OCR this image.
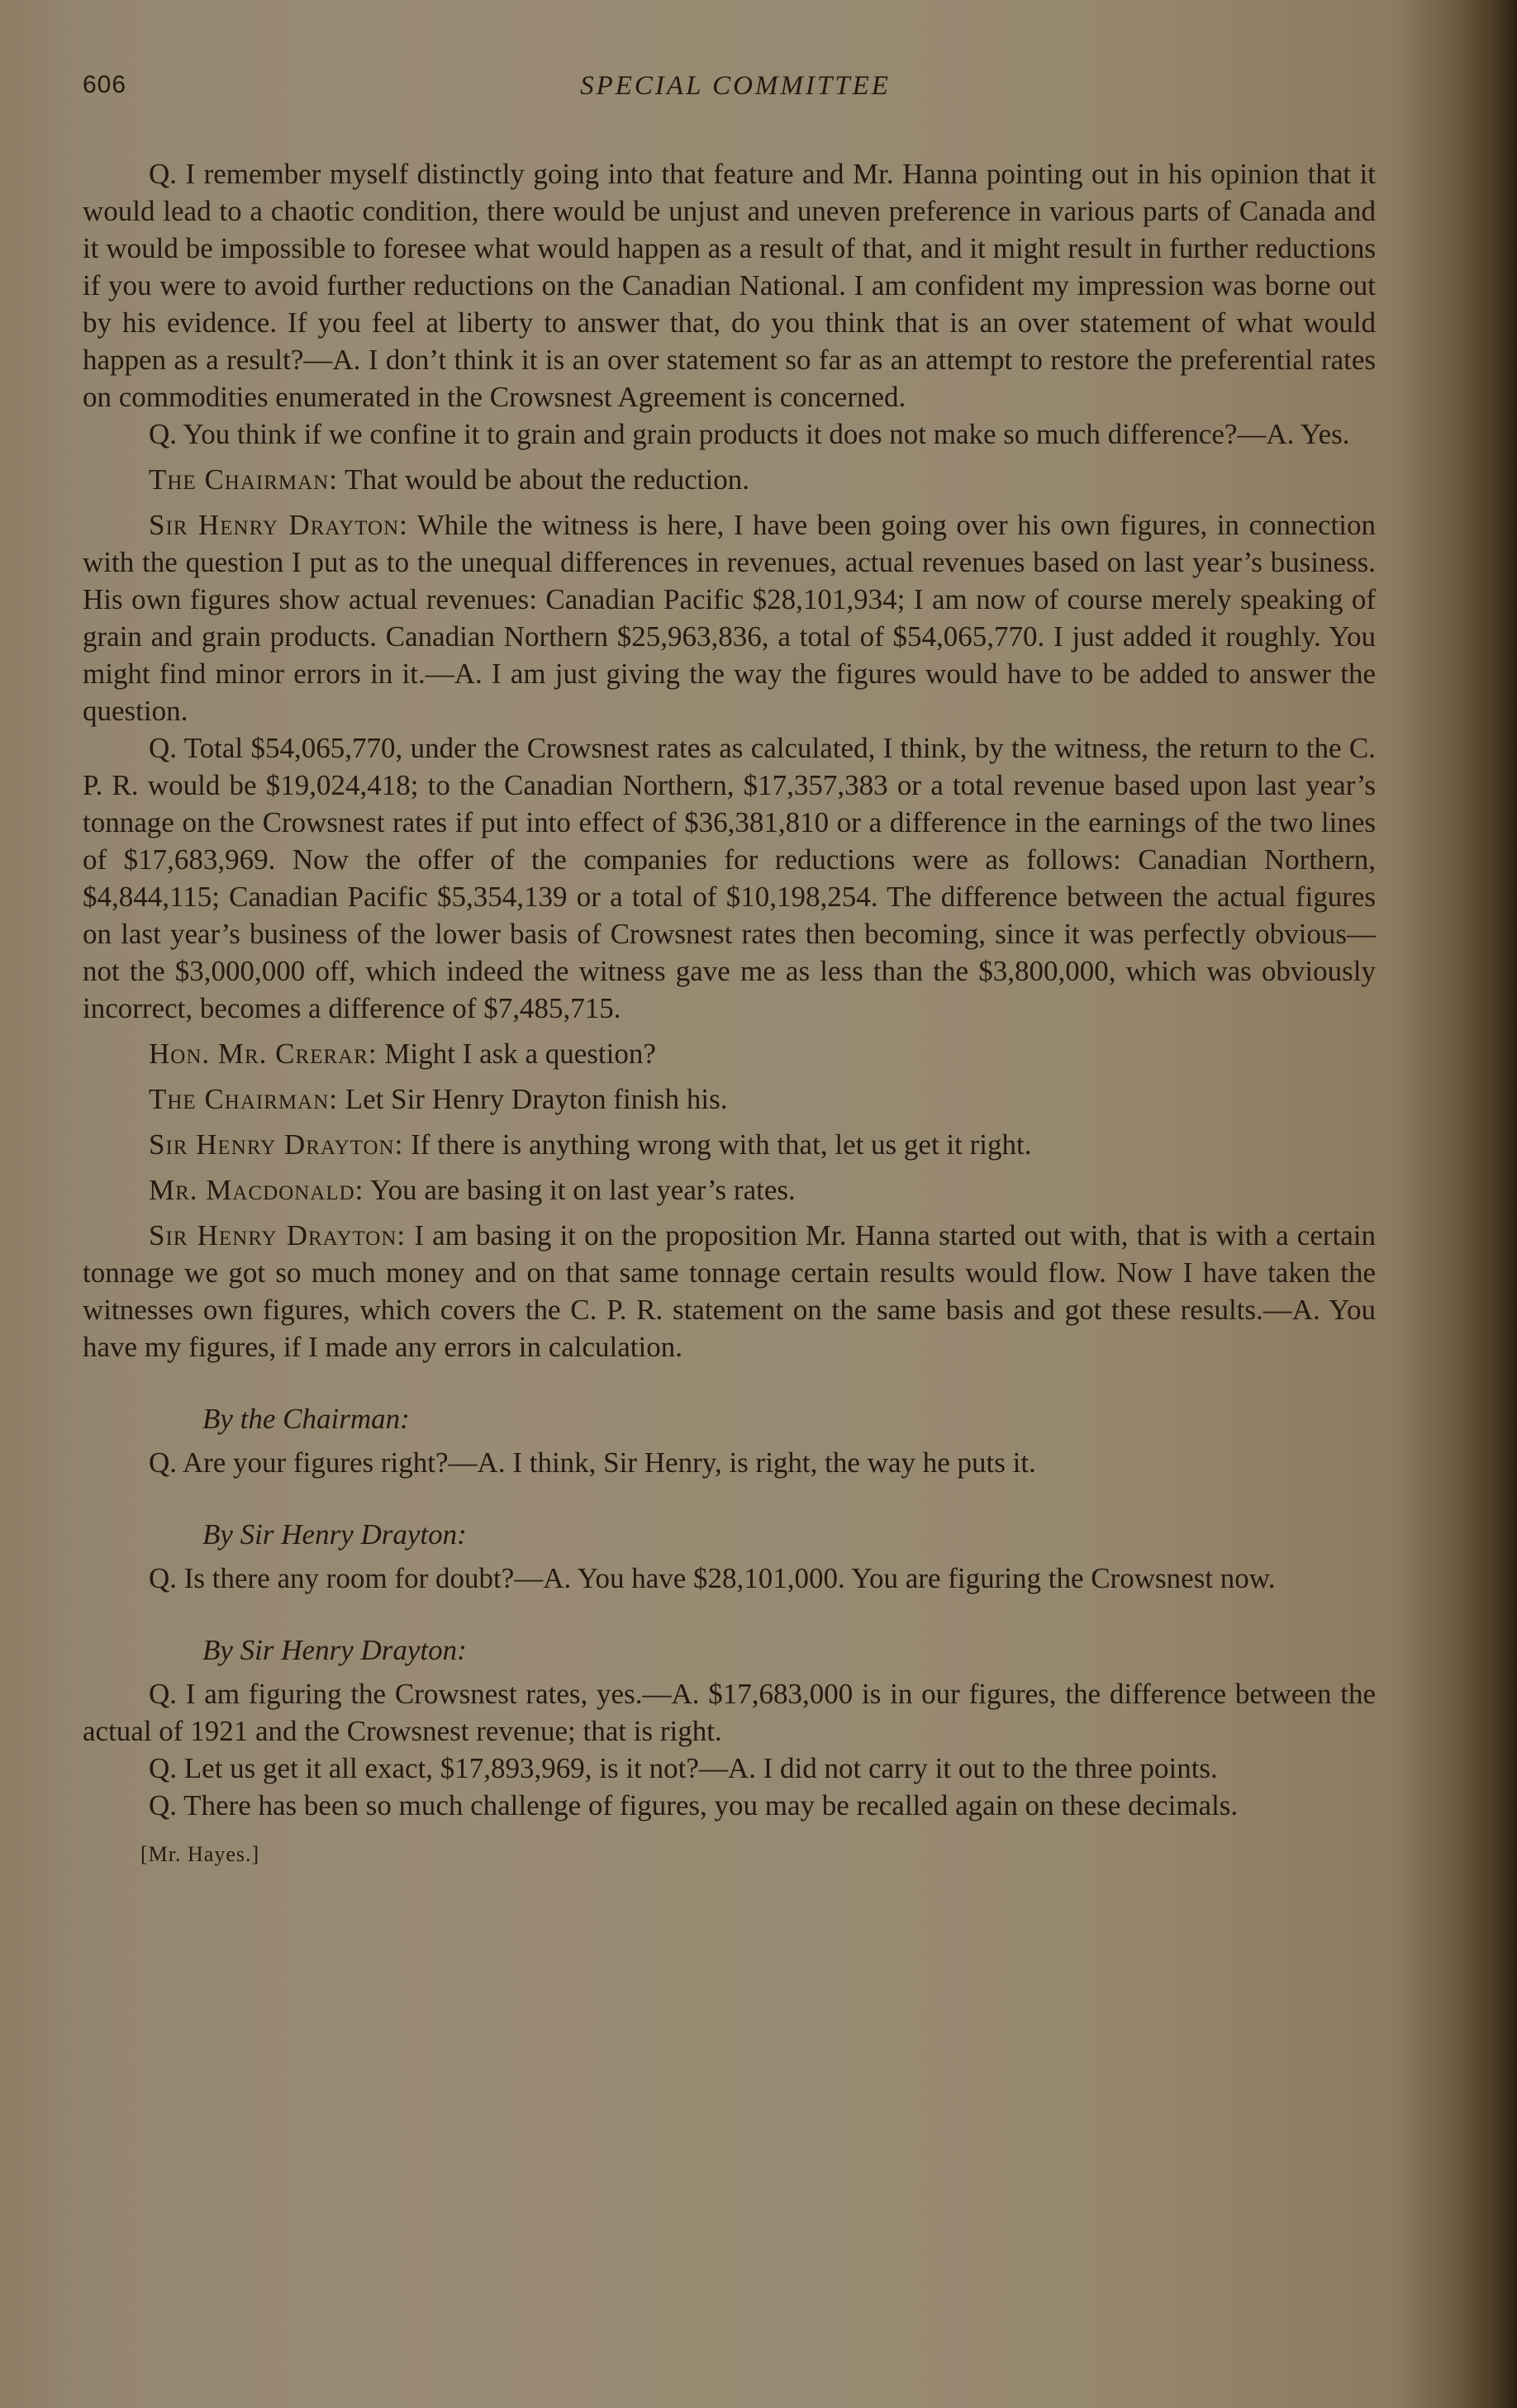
606	SPECIAL COMMITTEE

Q. I remember myself distinctly going into that feature and Mr. Hanna pointing out in his opinion that it would lead to a chaotic condition, there would be unjust and uneven preference in various parts of Canada and it would be impossible to foresee what would happen as a result of that, and it might result in further reductions if you were to avoid further reductions on the Canadian National. I am confident my impression was borne out by his evidence. If you feel at liberty to answer that, do you think that is an over statement of what would happen as a result?—A. I don’t think it is an over statement so far as an attempt to restore the preferential rates on commodities enumerated in the Crowsnest Agreement is concerned.

Q. You think if we confine it to grain and grain products it does not make so much difference?—A. Yes.

The Chairman: That would be about the reduction.

Sir Henry Drayton: While the witness is here, I have been going over his own figures, in connection with the question I put as to the unequal differences in revenues, actual revenues based on last year’s business. His own figures show actual revenues: Canadian Pacific $28,101,934; I am now of course merely speaking of grain and grain products. Canadian Northern $25,963,836, a total of $54,065,770. I just added it roughly. You might find minor errors in it.—A. I am just giving the way the figures would have to be added to answer the question.

Q. Total $54,065,770, under the Crowsnest rates as calculated, I think, by the witness, the return to the C. P. R. would be $19,024,418; to the Canadian Northern, $17,357,383 or a total revenue based upon last year’s tonnage on the Crowsnest rates if put into effect of $36,381,810 or a difference in the earnings of the two lines of $17,683,969. Now the offer of the companies for reductions were as follows: Canadian Northern, $4,844,115; Canadian Pacific $5,354,139 or a total of $10,198,254. The difference between the actual figures on last year’s business of the lower basis of Crowsnest rates then becoming, since it was perfectly obvious—not the $3,000,000 off, which indeed the witness gave me as less than the $3,800,000, which was obviously incorrect, becomes a difference of $7,485,715.

Hon. Mr. Crerar: Might I ask a question?

The Chairman: Let Sir Henry Drayton finish his.

Sir Henry Drayton: If there is anything wrong with that, let us get it right.

Mr. Macdonald: You are basing it on last year’s rates.

Sir Henry Drayton: I am basing it on the proposition Mr. Hanna started out with, that is with a certain tonnage we got so much money and on that same tonnage certain results would flow. Now I have taken the witnesses own figures, which covers the C. P. R. statement on the same basis and got these results.—A. You have my figures, if I made any errors in calculation.

By the Chairman:

Q. Are your figures right?—A. I think, Sir Henry, is right, the way he puts it.

By Sir Henry Drayton:

Q. Is there any room for doubt?—A. You have $28,101,000. You are figuring the Crowsnest now.

By Sir Henry Drayton:

Q. I am figuring the Crowsnest rates, yes.—A. $17,683,000 is in our figures, the difference between the actual of 1921 and the Crowsnest revenue; that is right.

Q. Let us get it all exact, $17,893,969, is it not?—A. I did not carry it out to the three points.

Q. There has been so much challenge of figures, you may be recalled again on these decimals.

[Mr. Hayes.]
